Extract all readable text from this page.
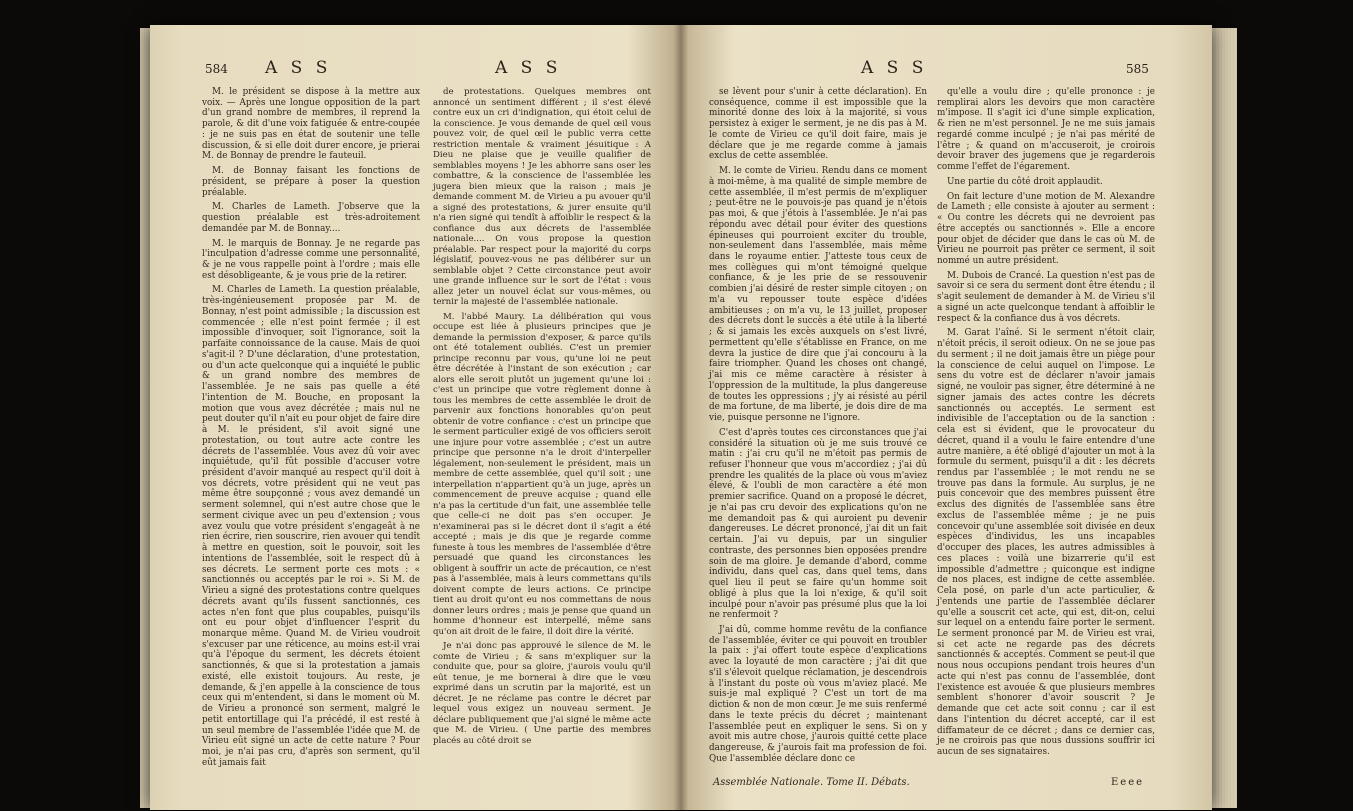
584 A S S	A S S

M. le président se dispose à la mettre aux voix. — Après une longue opposition de la part d'un grand nombre de membres, il reprend la parole, & dit d'une voix fatiguée & entre-coupée : je ne suis pas en état de soutenir une telle discussion, & si elle doit durer encore, je prierai M. de Bonnay de prendre le fauteuil.

M. de Bonnay faisant les fonctions de président, se prépare à poser la question préalable.

M. Charles de Lameth. J'observe que la question préalable est très-adroitement demandée par M. de Bonnay....

M. le marquis de Bonnay. Je ne regarde pas l'inculpation d'adresse comme une personnalité, & je ne vous rappelle point à l'ordre ; mais elle est désobligeante, & je vous prie de la retirer.

M. Charles de Lameth. La question préalable, très-ingénieusement proposée par M. de Bonnay, n'est point admissible ; la discussion est commencée ; elle n'est point fermée ; il est impossible d'invoquer, soit l'ignorance, soit la parfaite connoissance de la cause. Mais de quoi s'agit-il ? D'une déclaration, d'une protestation, ou d'un acte quelconque qui a inquiété le public & un grand nombre des membres de l'assemblée. Je ne sais pas quelle a été l'intention de M. Bouche, en proposant la motion que vous avez décrétée ; mais nul ne peut douter qu'il n'ait eu pour objet de faire dire à M. le président, s'il avoit signé une protestation, ou tout autre acte contre les décrets de l'assemblée. Vous avez dû voir avec inquiétude, qu'il fût possible d'accuser votre président d'avoir manqué au respect qu'il doit à vos décrets, votre président qui ne veut pas même être soupçonné ; vous avez demandé un serment solemnel, qui n'est autre chose que le serment civique avec un peu d'extension ; vous avez voulu que votre président s'engageât à ne rien écrire, rien souscrire, rien avouer qui tendît à mettre en question, soit le pouvoir, soit les intentions de l'assemblée, soit le respect dû à ses décrets. Le serment porte ces mots : « sanctionnés ou acceptés par le roi ». Si M. de Virieu a signé des protestations contre quelques décrets avant qu'ils fussent sanctionnés, ces actes n'en font que plus coupables, puisqu'ils ont eu pour objet d'influencer l'esprit du monarque même. Quand M. de Virieu voudroit s'excuser par une réticence, au moins est-il vrai qu'à l'époque du serment, les décrets étoient sanctionnés, & que si la protestation a jamais existé, elle existoit toujours. Au reste, je demande, & j'en appelle à la conscience de tous ceux qui m'entendent, si dans le moment où M. de Virieu a prononcé son serment, malgré le petit entortillage qui l'a précédé, il est resté à un seul membre de l'assemblée l'idée que M. de Virieu eût signé un acte de cette nature ? Pour moi, je n'ai pas cru, d'après son serment, qu'il eût jamais fait

de protestations. Quelques membres ont annoncé un sentiment différent ; il s'est élevé contre eux un cri d'indignation, qui étoit celui de la conscience. Je vous demande de quel œil vous pouvez voir, de quel œil le public verra cette restriction mentale & vraiment jésuitique : A Dieu ne plaise que je veuille qualifier de semblables moyens ! Je les abhorre sans oser les combattre, & la conscience de l'assemblée les jugera bien mieux que la raison ; mais je demande comment M. de Virieu a pu avouer qu'il a signé des protestations, & jurer ensuite qu'il n'a rien signé qui tendît à affoiblir le respect & la confiance dus aux décrets de l'assemblée nationale.... On vous propose la question préalable. Par respect pour la majorité du corps législatif, pouvez-vous ne pas délibérer sur un semblable objet ? Cette circonstance peut avoir une grande influence sur le sort de l'état : vous allez jeter un nouvel éclat sur vous-mêmes, ou ternir la majesté de l'assemblée nationale.

M. l'abbé Maury. La délibération qui vous occupe est liée à plusieurs principes que je demande la permission d'exposer, & parce qu'ils ont été totalement oubliés. C'est un premier principe reconnu par vous, qu'une loi ne peut être décrétée à l'instant de son exécution ; car alors elle seroit plutôt un jugement qu'une loi : c'est un principe que votre règlement donne à tous les membres de cette assemblée le droit de parvenir aux fonctions honorables qu'on peut obtenir de votre confiance : c'est un principe que le serment particulier exigé de vos officiers seroit une injure pour votre assemblée ; c'est un autre principe que personne n'a le droit d'interpeller légalement, non-seulement le président, mais un membre de cette assemblée, quel qu'il soit ; une interpellation n'appartient qu'à un juge, après un commencement de preuve acquise ; quand elle n'a pas la certitude d'un fait, une assemblée telle que celle-ci ne doit pas s'en occuper. Je n'examinerai pas si le décret dont il s'agit a été accepté ; mais je dis que je regarde comme funeste à tous les membres de l'assemblée d'être persuadé que quand les circonstances les obligent à souffrir un acte de précaution, ce n'est pas à l'assemblée, mais à leurs commettans qu'ils doivent compte de leurs actions. Ce principe tient au droit qu'ont eu nos commettans de nous donner leurs ordres ; mais je pense que quand un homme d'honneur est interpellé, même sans qu'on ait droit de le faire, il doit dire la vérité.

Je n'ai donc pas approuvé le silence de M. le comte de Virieu ; & sans m'expliquer sur la conduite que, pour sa gloire, j'aurois voulu qu'il eût tenue, je me bornerai à dire que le vœu exprimé dans un scrutin par la majorité, est un décret. Je ne réclame pas contre le décret par lequel vous exigez un nouveau serment. Je déclare publiquement que j'ai signé le même acte que M. de Virieu. ( Une partie des membres placés au côté droit se

A S S	585

se lèvent pour s'unir à cette déclaration). En conséquence, comme il est impossible que la minorité donne des loix à la majorité, si vous persistez à exiger le serment, je ne dis pas à M. le comte de Virieu ce qu'il doit faire, mais je déclare que je me regarde comme à jamais exclus de cette assemblée.

M. le comte de Virieu. Rendu dans ce moment à moi-même, à ma qualité de simple membre de cette assemblée, il m'est permis de m'expliquer ; peut-être ne le pouvois-je pas quand je n'étois pas moi, & que j'étois à l'assemblée. Je n'ai pas répondu avec détail pour éviter des questions épineuses qui pourroient exciter du trouble, non-seulement dans l'assemblée, mais même dans le royaume entier. J'atteste tous ceux de mes collègues qui m'ont témoigné quelque confiance, & je les prie de se ressouvenir combien j'ai désiré de rester simple citoyen ; on m'a vu repousser toute espèce d'idées ambitieuses ; on m'a vu, le 13 juillet, proposer des décrets dont le succès a été utile à la liberté ; & si jamais les excès auxquels on s'est livré, permettent qu'elle s'établisse en France, on me devra la justice de dire que j'ai concouru à la faire triompher. Quand les choses ont changé, j'ai mis ce même caractère à résister à l'oppression de la multitude, la plus dangereuse de toutes les oppressions ; j'y ai résisté au péril de ma fortune, de ma liberté, je dois dire de ma vie, puisque personne ne l'ignore.

C'est d'après toutes ces circonstances que j'ai considéré la situation où je me suis trouvé ce matin : j'ai cru qu'il ne m'étoit pas permis de refuser l'honneur que vous m'accordiez ; j'ai dû prendre les qualités de la place où vous m'aviez élevé, & l'oubli de mon caractère a été mon premier sacrifice. Quand on a proposé le décret, je n'ai pas cru devoir des explications qu'on ne me demandoit pas & qui auroient pu devenir dangereuses. Le décret prononcé, j'ai dit un fait certain. J'ai vu depuis, par un singulier contraste, des personnes bien opposées prendre soin de ma gloire. Je demande d'abord, comme individu, dans quel cas, dans quel tems, dans quel lieu il peut se faire qu'un homme soit obligé à plus que la loi n'exige, & qu'il soit inculpé pour n'avoir pas présumé plus que la loi ne renfermoit ?

J'ai dû, comme homme revêtu de la confiance de l'assemblée, éviter ce qui pouvoit en troubler la paix : j'ai offert toute espèce d'explications avec la loyauté de mon caractère ; j'ai dit que s'il s'élevoit quelque réclamation, je descendrois à l'instant du poste où vous m'aviez placé. Me suis-je mal expliqué ? C'est un tort de ma diction & non de mon cœur. Je me suis renfermé dans le texte précis du décret ; maintenant l'assemblée peut en expliquer le sens. Si on y avoit mis autre chose, j'aurois quitté cette place dangereuse, & j'aurois fait ma profession de foi. Que l'assemblée déclare donc ce

qu'elle a voulu dire ; qu'elle prononce : je remplirai alors les devoirs que mon caractère m'impose. Il s'agit ici d'une simple explication, & rien ne m'est personnel. Je ne me suis jamais regardé comme inculpé ; je n'ai pas mérité de l'être ; & quand on m'accuseroit, je croirois devoir braver des jugemens que je regarderois comme l'effet de l'égarement.

Une partie du côté droit applaudit.

On fait lecture d'une motion de M. Alexandre de Lameth ; elle consiste à ajouter au serment : « Ou contre les décrets qui ne devroient pas être acceptés ou sanctionnés ». Elle a encore pour objet de décider que dans le cas où M. de Virieu ne pourroit pas prêter ce serment, il soit nommé un autre président.

M. Dubois de Crancé. La question n'est pas de savoir si ce sera du serment dont être étendu ; il s'agit seulement de demander à M. de Virieu s'il a signé un acte quelconque tendant à affoiblir le respect & la confiance dus à vos décrets.

M. Garat l'aîné. Si le serment n'étoit clair, n'étoit précis, il seroit odieux. On ne se joue pas du serment ; il ne doit jamais être un piège pour la conscience de celui auquel on l'impose. Le sens du votre est de déclarer n'avoir jamais signé, ne vouloir pas signer, être déterminé à ne signer jamais des actes contre les décrets sanctionnés ou acceptés. Le serment est indivisible de l'acceptation ou de la sanction : cela est si évident, que le provocateur du décret, quand il a voulu le faire entendre d'une autre manière, a été obligé d'ajouter un mot à la formule du serment, puisqu'il a dit : les décrets rendus par l'assemblée ; le mot rendu ne se trouve pas dans la formule. Au surplus, je ne puis concevoir que des membres puissent être exclus des dignités de l'assemblée sans être exclus de l'assemblée même ; je ne puis concevoir qu'une assemblée soit divisée en deux espèces d'individus, les uns incapables d'occuper des places, les autres admissibles à ces places : voilà une bizarrerie qu'il est impossible d'admettre ; quiconque est indigne de nos places, est indigne de cette assemblée. Cela posé, on parle d'un acte particulier, & j'entends une partie de l'assemblée déclarer qu'elle a souscrit cet acte, qui est, dit-on, celui sur lequel on a entendu faire porter le serment. Le serment prononcé par M. de Virieu est vrai, si cet acte ne regarde pas des décrets sanctionnés & acceptés. Comment se peut-il que nous nous occupions pendant trois heures d'un acte qui n'est pas connu de l'assemblée, dont l'existence est avouée & que plusieurs membres semblent s'honorer d'avoir souscrit ? Je demande que cet acte soit connu ; car il est dans l'intention du décret accepté, car il est diffamateur de ce décret ; dans ce dernier cas, je ne croirois pas que nous dussions souffrir ici aucun de ses signataires.

Assemblée Nationale. Tome II. Débats.	Eeee
